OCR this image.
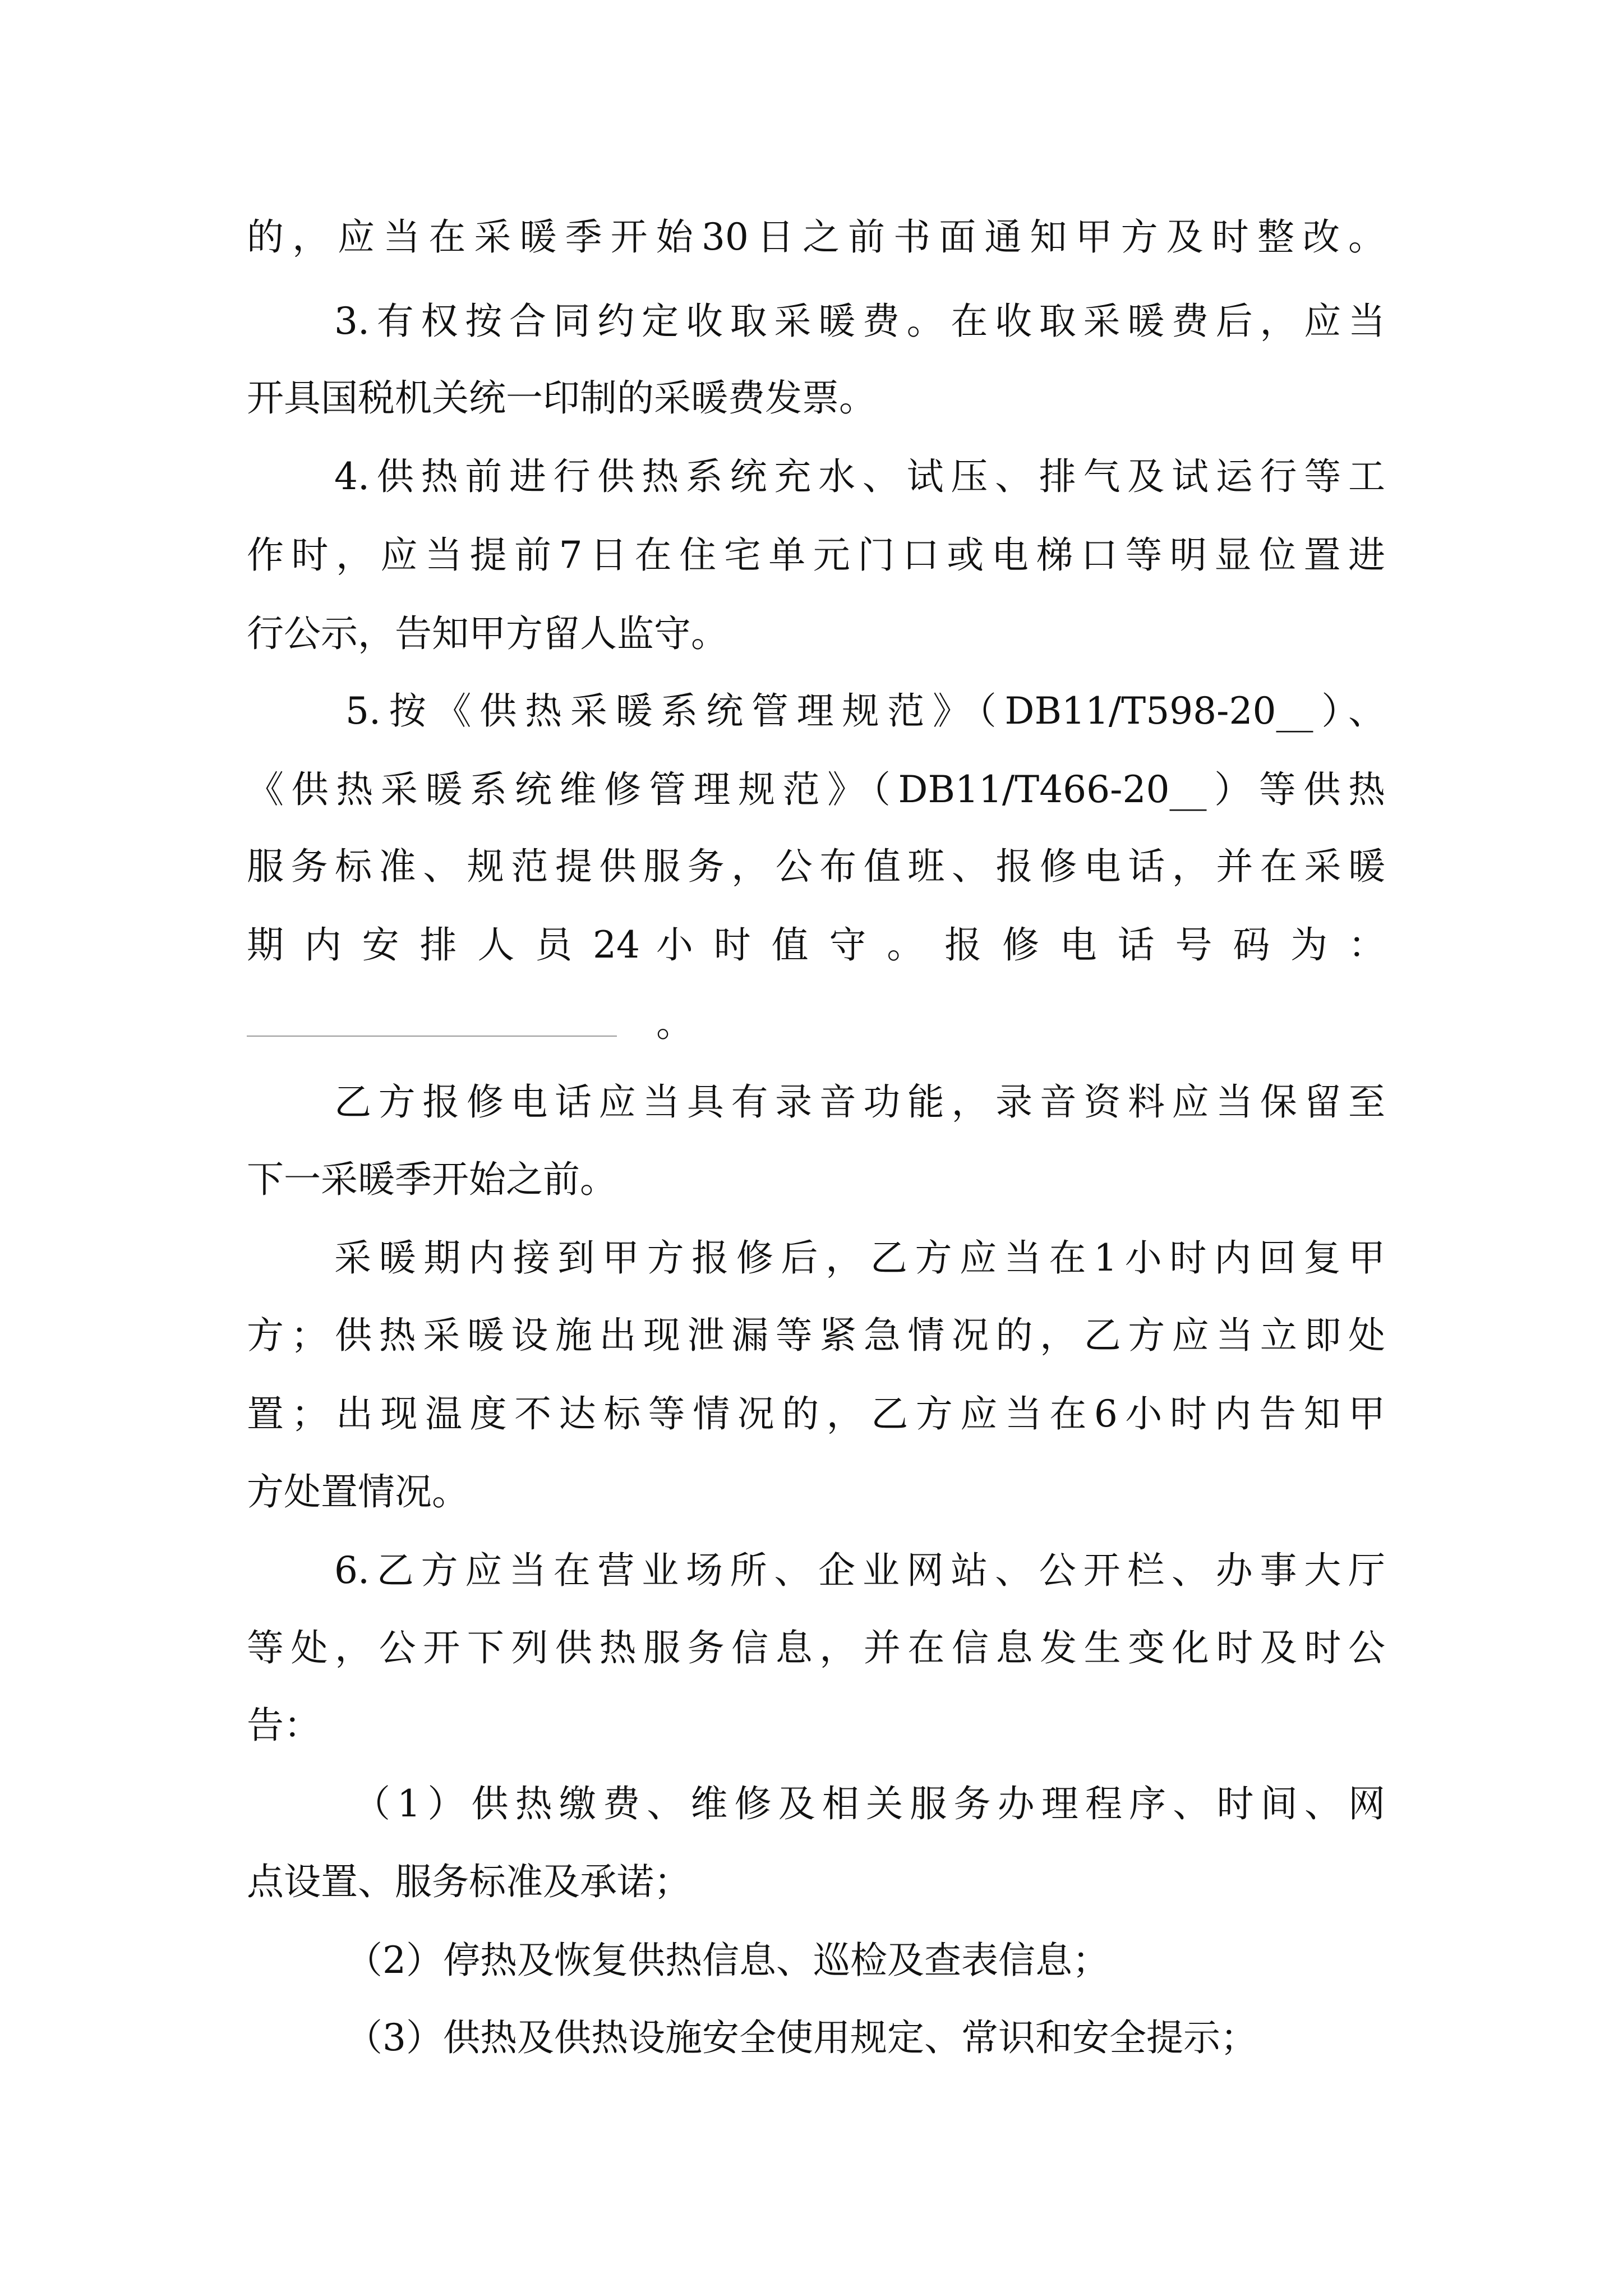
的，应当在采暖季开始30日之前书面通知甲方及时整改。
3.有权按合同约定收取采暖费。在收取采暖费后，应当
开具国税机关统一印制的采暖费发票。
4.供热前进行供热系统充水、试压、排气及试运行等工
作时，应当提前7日在住宅单元门口或电梯口等明显位置进
行公示，告知甲方留人监守。
5.按《供热采暖系统管理规范》（DB11/T598-20__）、
《供热采暖系统维修管理规范》（DB11/T466-20__）等供热
服务标准、规范提供服务，公布值班、报修电话，并在采暖
期 内 安 排 人 员 24 小 时 值 守 。 报 修 电 话 号 码 为 ：
。
乙方报修电话应当具有录音功能，录音资料应当保留至
下一采暖季开始之前。
采暖期内接到甲方报修后，乙方应当在1小时内回复甲
方；供热采暖设施出现泄漏等紧急情况的，乙方应当立即处
置；出现温度不达标等情况的，乙方应当在6小时内告知甲
方处置情况。
6.乙方应当在营业场所、企业网站、公开栏、办事大厅
等处，公开下列供热服务信息，并在信息发生变化时及时公
告：
（1）供热缴费、维修及相关服务办理程序、时间、网
点设置、服务标准及承诺；
（2）停热及恢复供热信息、巡检及查表信息；
（3）供热及供热设施安全使用规定、常识和安全提示；
